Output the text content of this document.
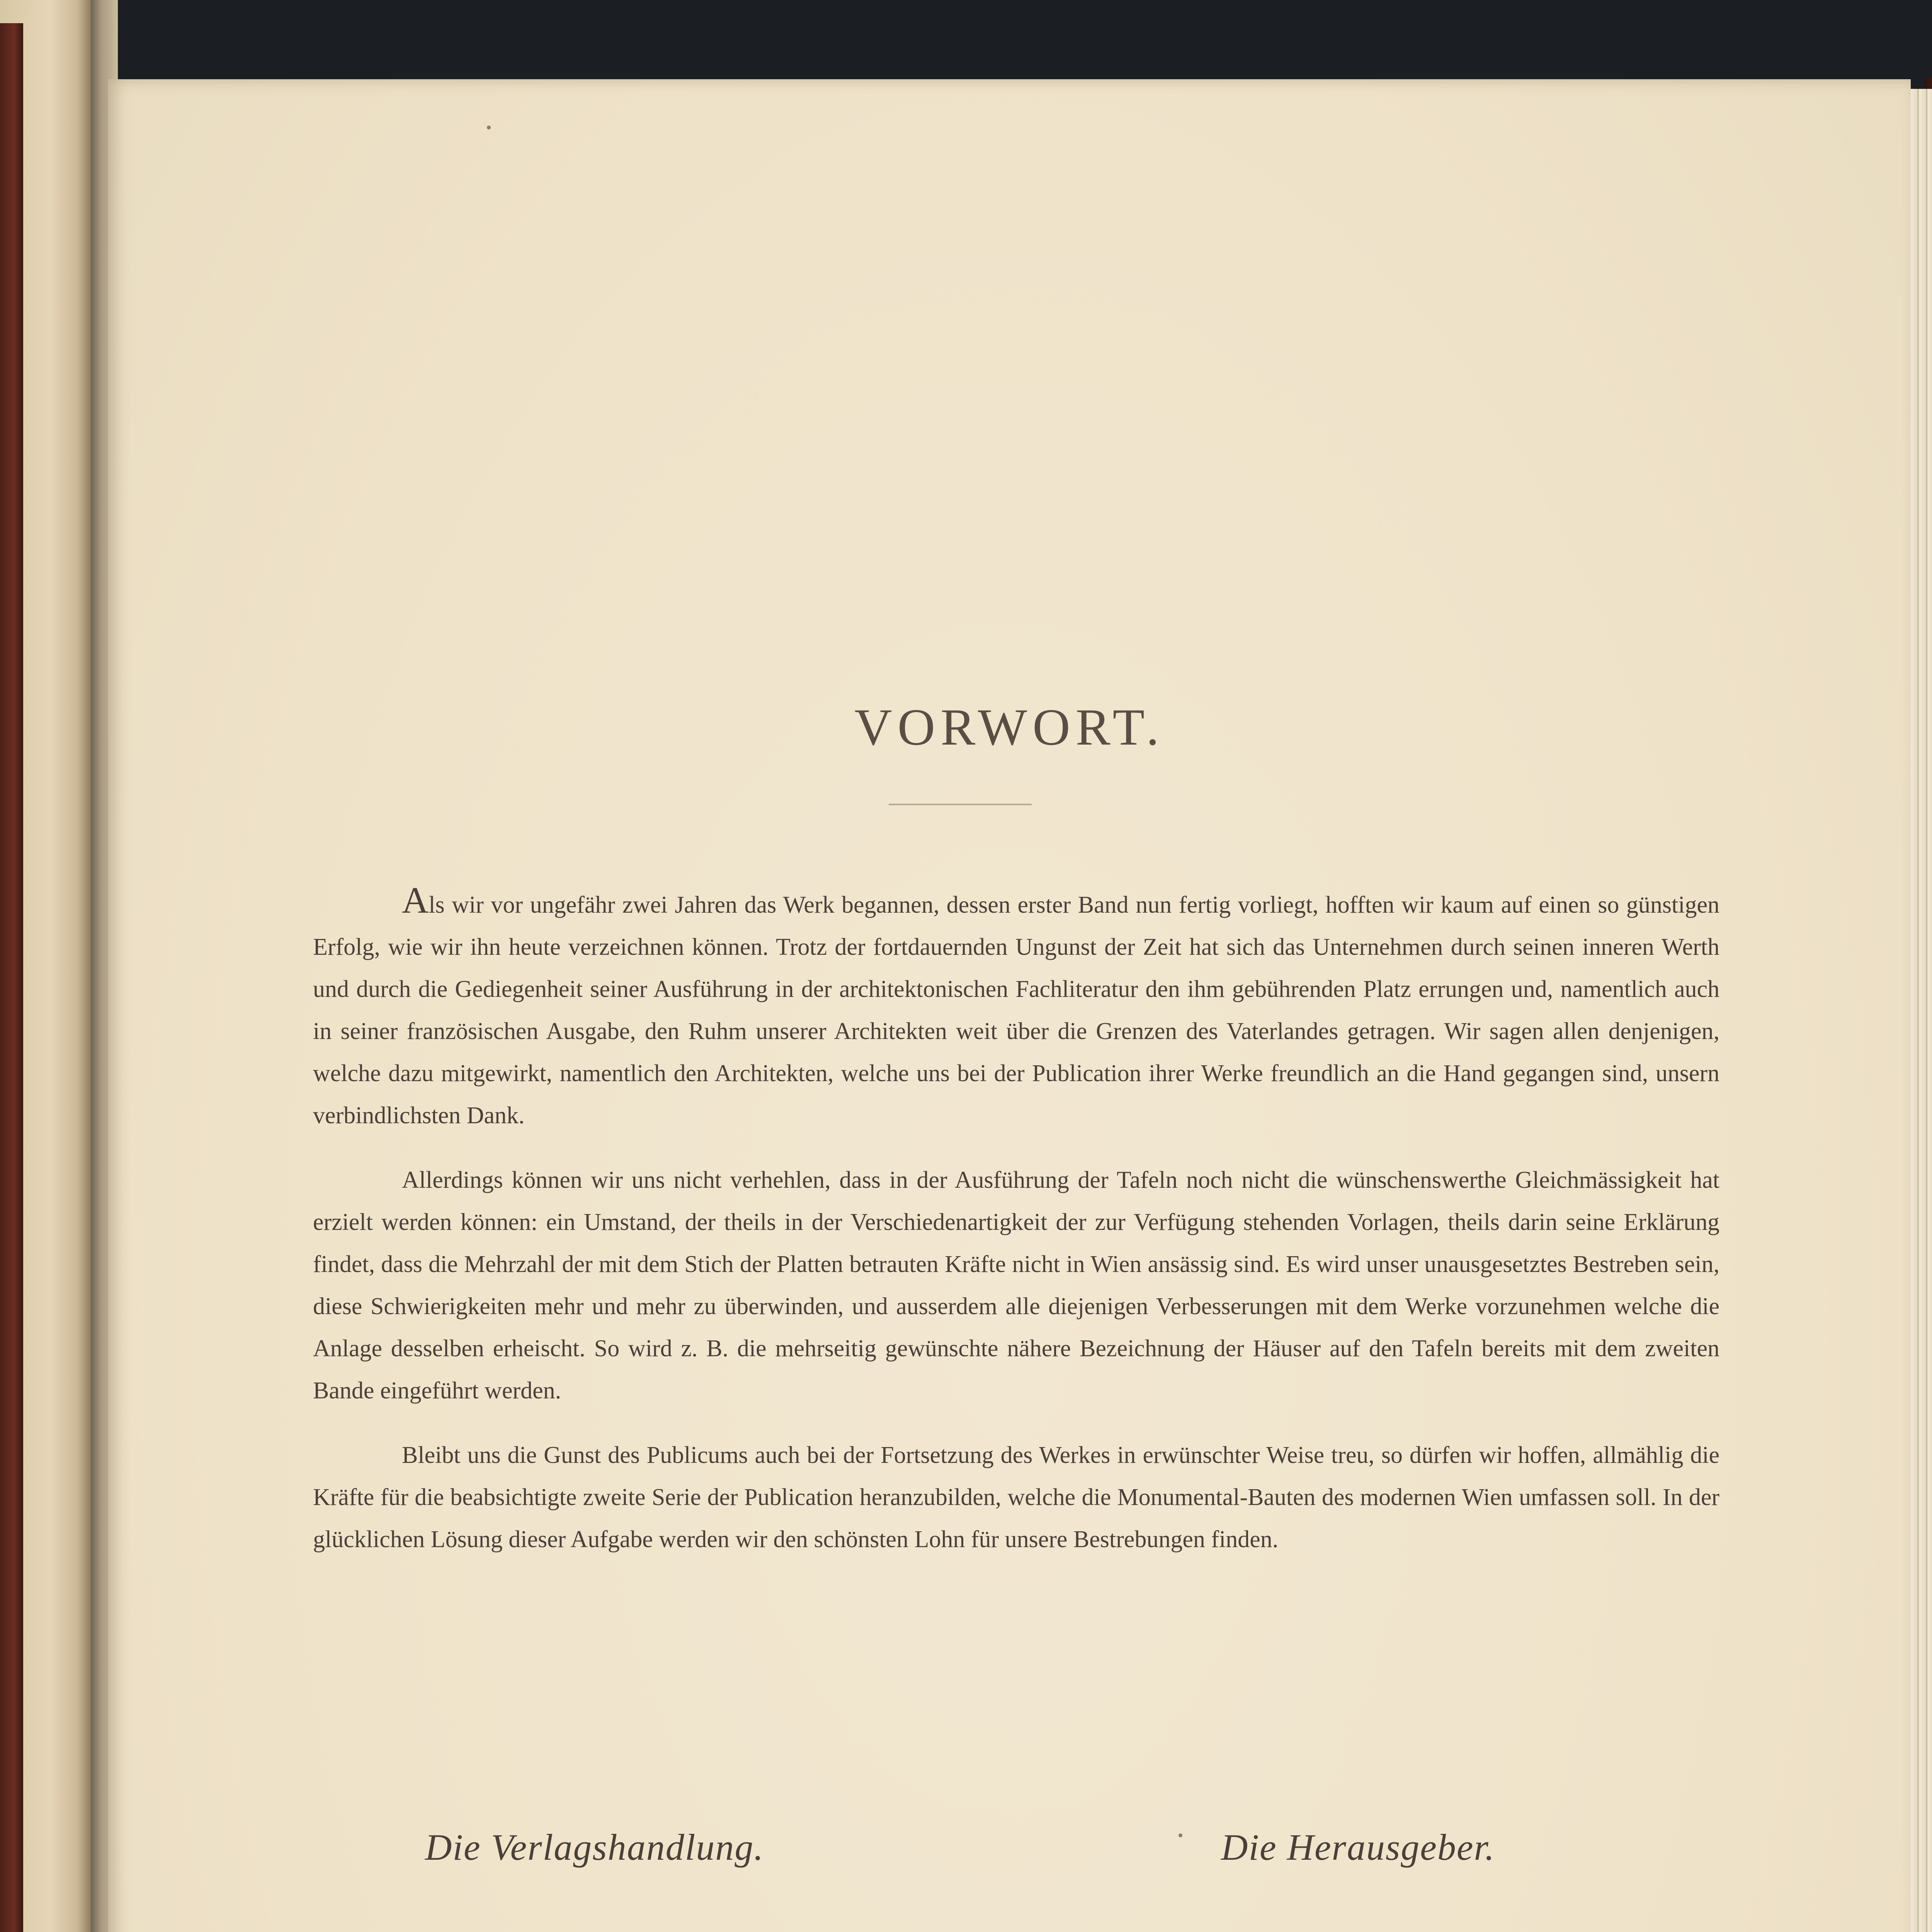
VORWORT.

Als wir vor ungefähr zwei Jahren das Werk begannen, dessen erster Band nun fertig vorliegt, hofften wir kaum auf einen so günstigen Erfolg, wie wir ihn heute verzeichnen können. Trotz der fortdauernden Ungunst der Zeit hat sich das Unternehmen durch seinen inneren Werth und durch die Gediegenheit seiner Ausführung in der architektonischen Fachliteratur den ihm gebührenden Platz errungen und, namentlich auch in seiner französischen Ausgabe, den Ruhm unserer Architekten weit über die Grenzen des Vaterlandes getragen. Wir sagen allen denjenigen, welche dazu mitgewirkt, namentlich den Architekten, welche uns bei der Publication ihrer Werke freundlich an die Hand gegangen sind, unsern verbindlichsten Dank.

Allerdings können wir uns nicht verhehlen, dass in der Ausführung der Tafeln noch nicht die wünschenswerthe Gleichmässigkeit hat erzielt werden können: ein Umstand, der theils in der Verschiedenartigkeit der zur Verfügung stehenden Vorlagen, theils darin seine Erklärung findet, dass die Mehrzahl der mit dem Stich der Platten betrauten Kräfte nicht in Wien ansässig sind. Es wird unser unausgesetztes Bestreben sein, diese Schwierigkeiten mehr und mehr zu überwinden, und ausserdem alle diejenigen Verbesserungen mit dem Werke vorzunehmen welche die Anlage desselben erheischt. So wird z. B. die mehrseitig gewünschte nähere Bezeichnung der Häuser auf den Tafeln bereits mit dem zweiten Bande eingeführt werden.

Bleibt uns die Gunst des Publicums auch bei der Fortsetzung des Werkes in erwünschter Weise treu, so dürfen wir hoffen, allmählig die Kräfte für die beabsichtigte zweite Serie der Publication heranzubilden, welche die Monumental-Bauten des modernen Wien umfassen soll. In der glücklichen Lösung dieser Aufgabe werden wir den schönsten Lohn für unsere Bestrebungen finden.

Die Verlagshandlung.	Die Herausgeber.
